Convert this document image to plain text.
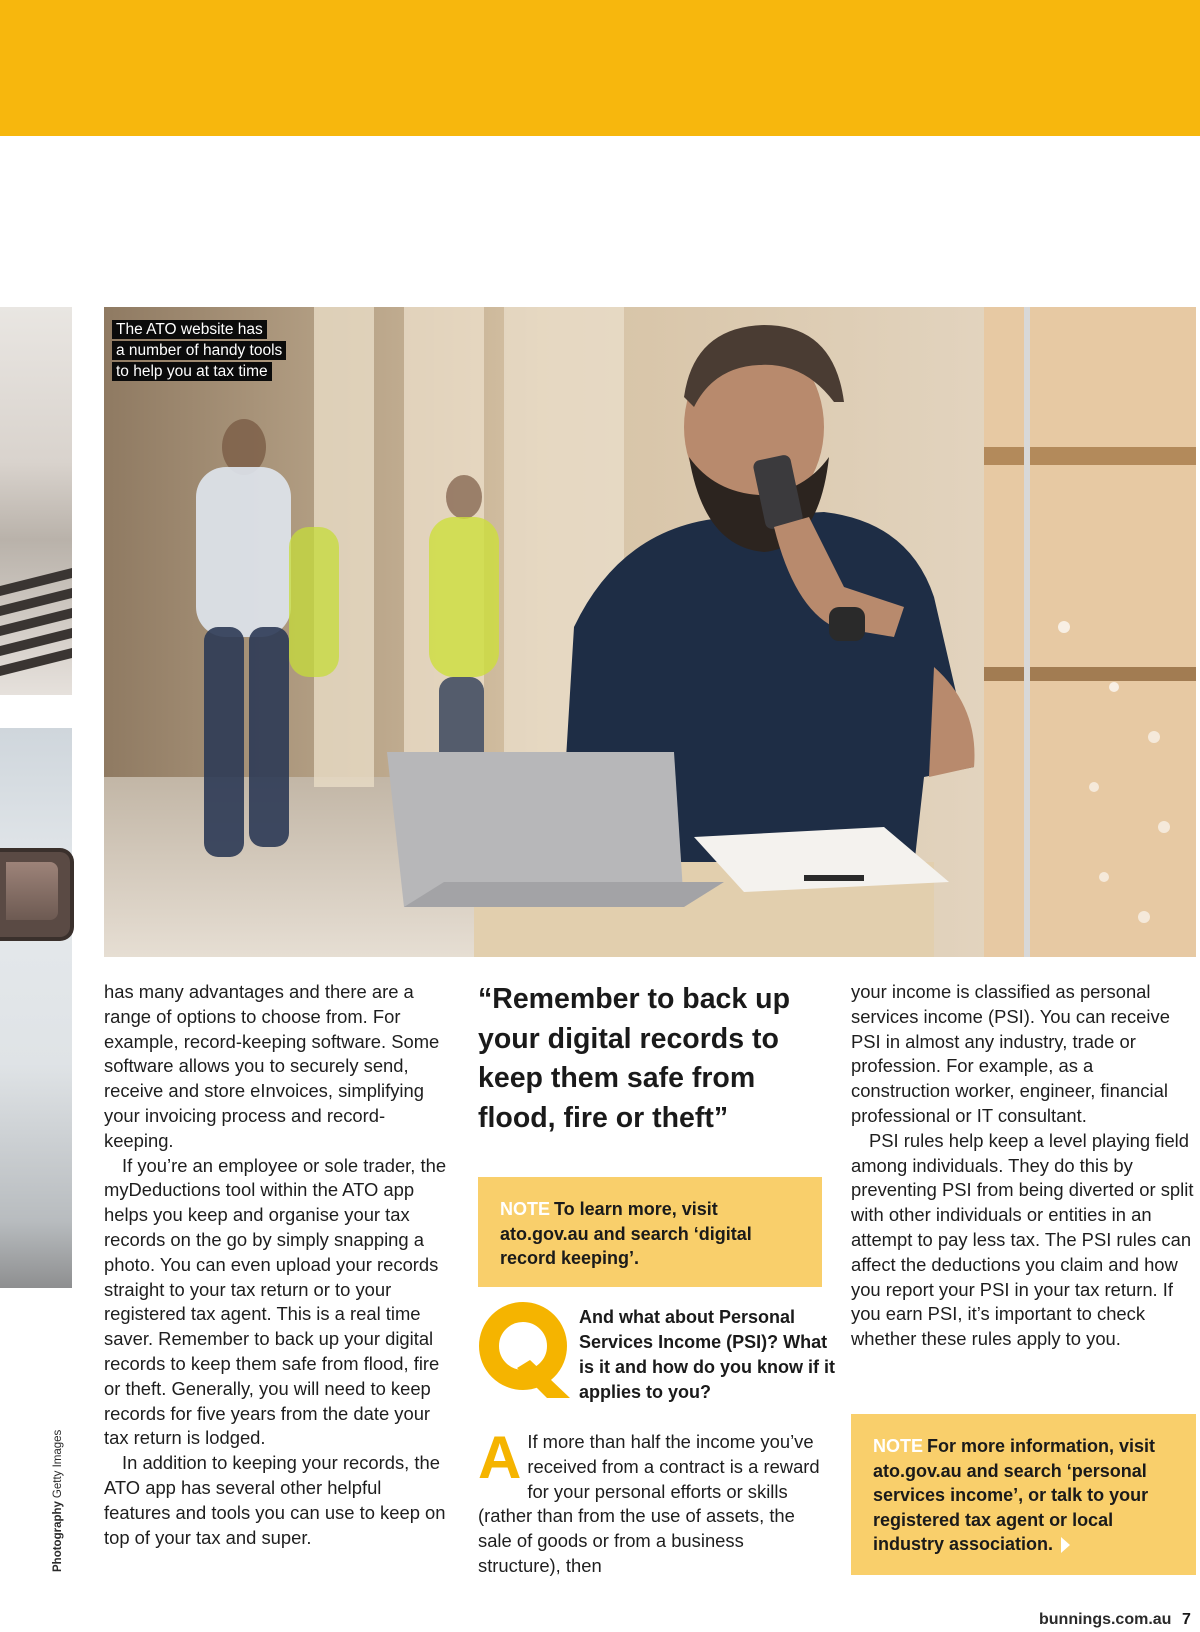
The ATO website has
a number of handy tools
to help you at tax time

has many advantages and there are a range of options to choose from. For example, record-keeping software. Some software allows you to securely send, receive and store eInvoices, simplifying your invoicing process and record-keeping.

If you’re an employee or sole trader, the myDeductions tool within the ATO app helps you keep and organise your tax records on the go by simply snapping a photo. You can even upload your records straight to your tax return or to your registered tax agent. This is a real time saver. Remember to back up your digital records to keep them safe from flood, fire or theft. Generally, you will need to keep records for five years from the date your tax return is lodged.

In addition to keeping your records, the ATO app has several other helpful features and tools you can use to keep on top of your tax and super.

“Remember to back up your digital records to keep them safe from flood, fire or theft”
NOTE To learn more, visit ato.gov.au and search ‘digital record keeping’.
Q
And what about Personal Services Income (PSI)? What is it and how do you know if it applies to you?
A If more than half the income you’ve received from a contract is a reward for your personal efforts or skills (rather than from the use of assets, the sale of goods or from a business structure), then

your income is classified as personal services income (PSI). You can receive PSI in almost any industry, trade or profession. For example, as a construction worker, engineer, financial professional or IT consultant.

PSI rules help keep a level playing field among individuals. They do this by preventing PSI from being diverted or split with other individuals or entities in an attempt to pay less tax. The PSI rules can affect the deductions you claim and how you report your PSI in your tax return. If you earn PSI, it’s important to check whether these rules apply to you.

NOTE For more information, visit ato.gov.au and search ‘personal services income’, or talk to your registered tax agent or local industry association.
PhotographyGetty Images
bunnings.com.au 7
